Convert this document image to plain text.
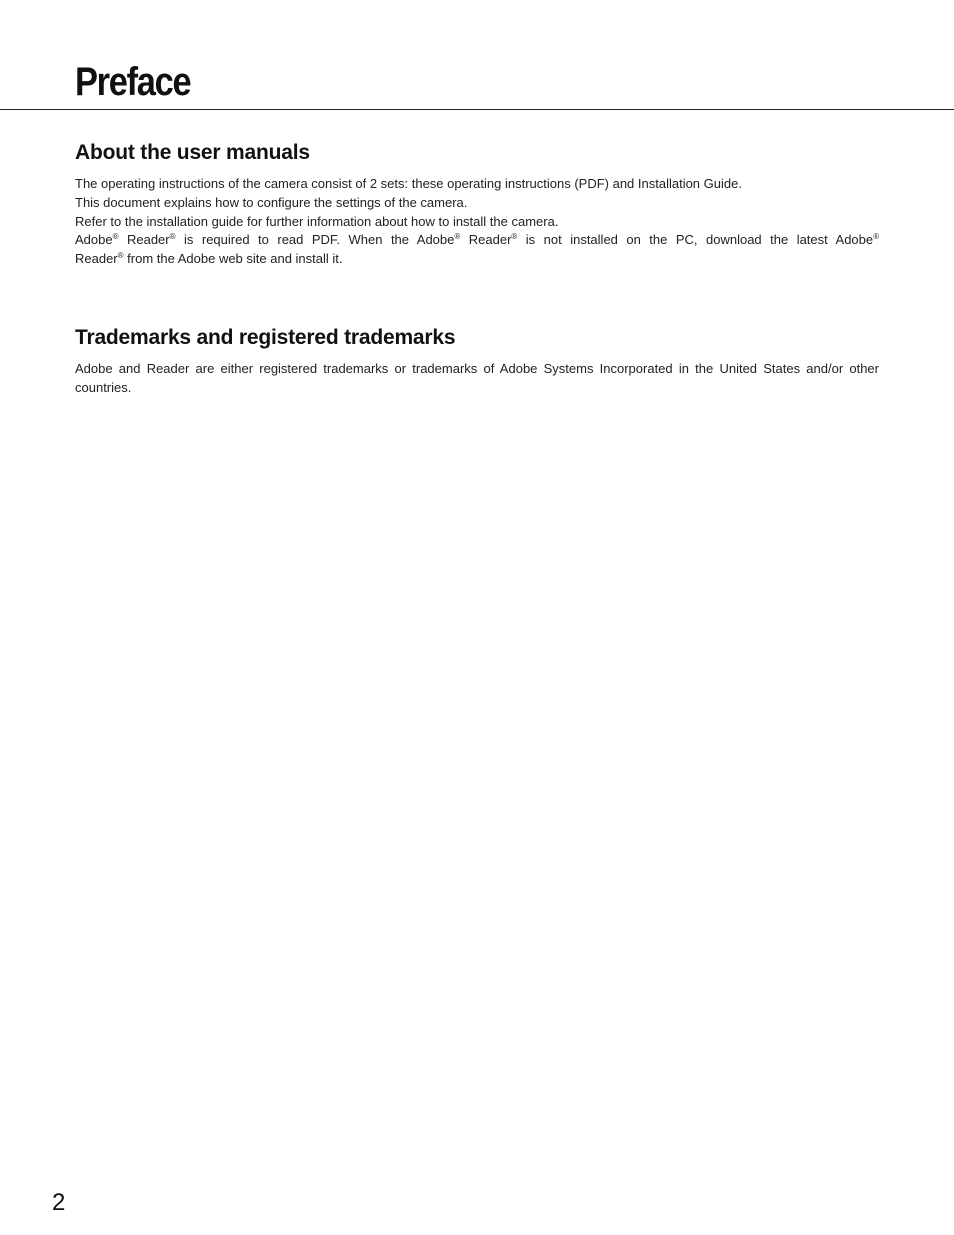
Preface
About the user manuals

The operating instructions of the camera consist of 2 sets: these operating instructions (PDF) and Installation Guide.

This document explains how to configure the settings of the camera.

Refer to the installation guide for further information about how to install the camera.

Adobe® Reader® is required to read PDF. When the Adobe® Reader® is not installed on the PC, download the latest Adobe®

Reader® from the Adobe web site and install it.

Trademarks and registered trademarks

Adobe and Reader are either registered trademarks or trademarks of Adobe Systems Incorporated in the United States and/or other countries.

2
